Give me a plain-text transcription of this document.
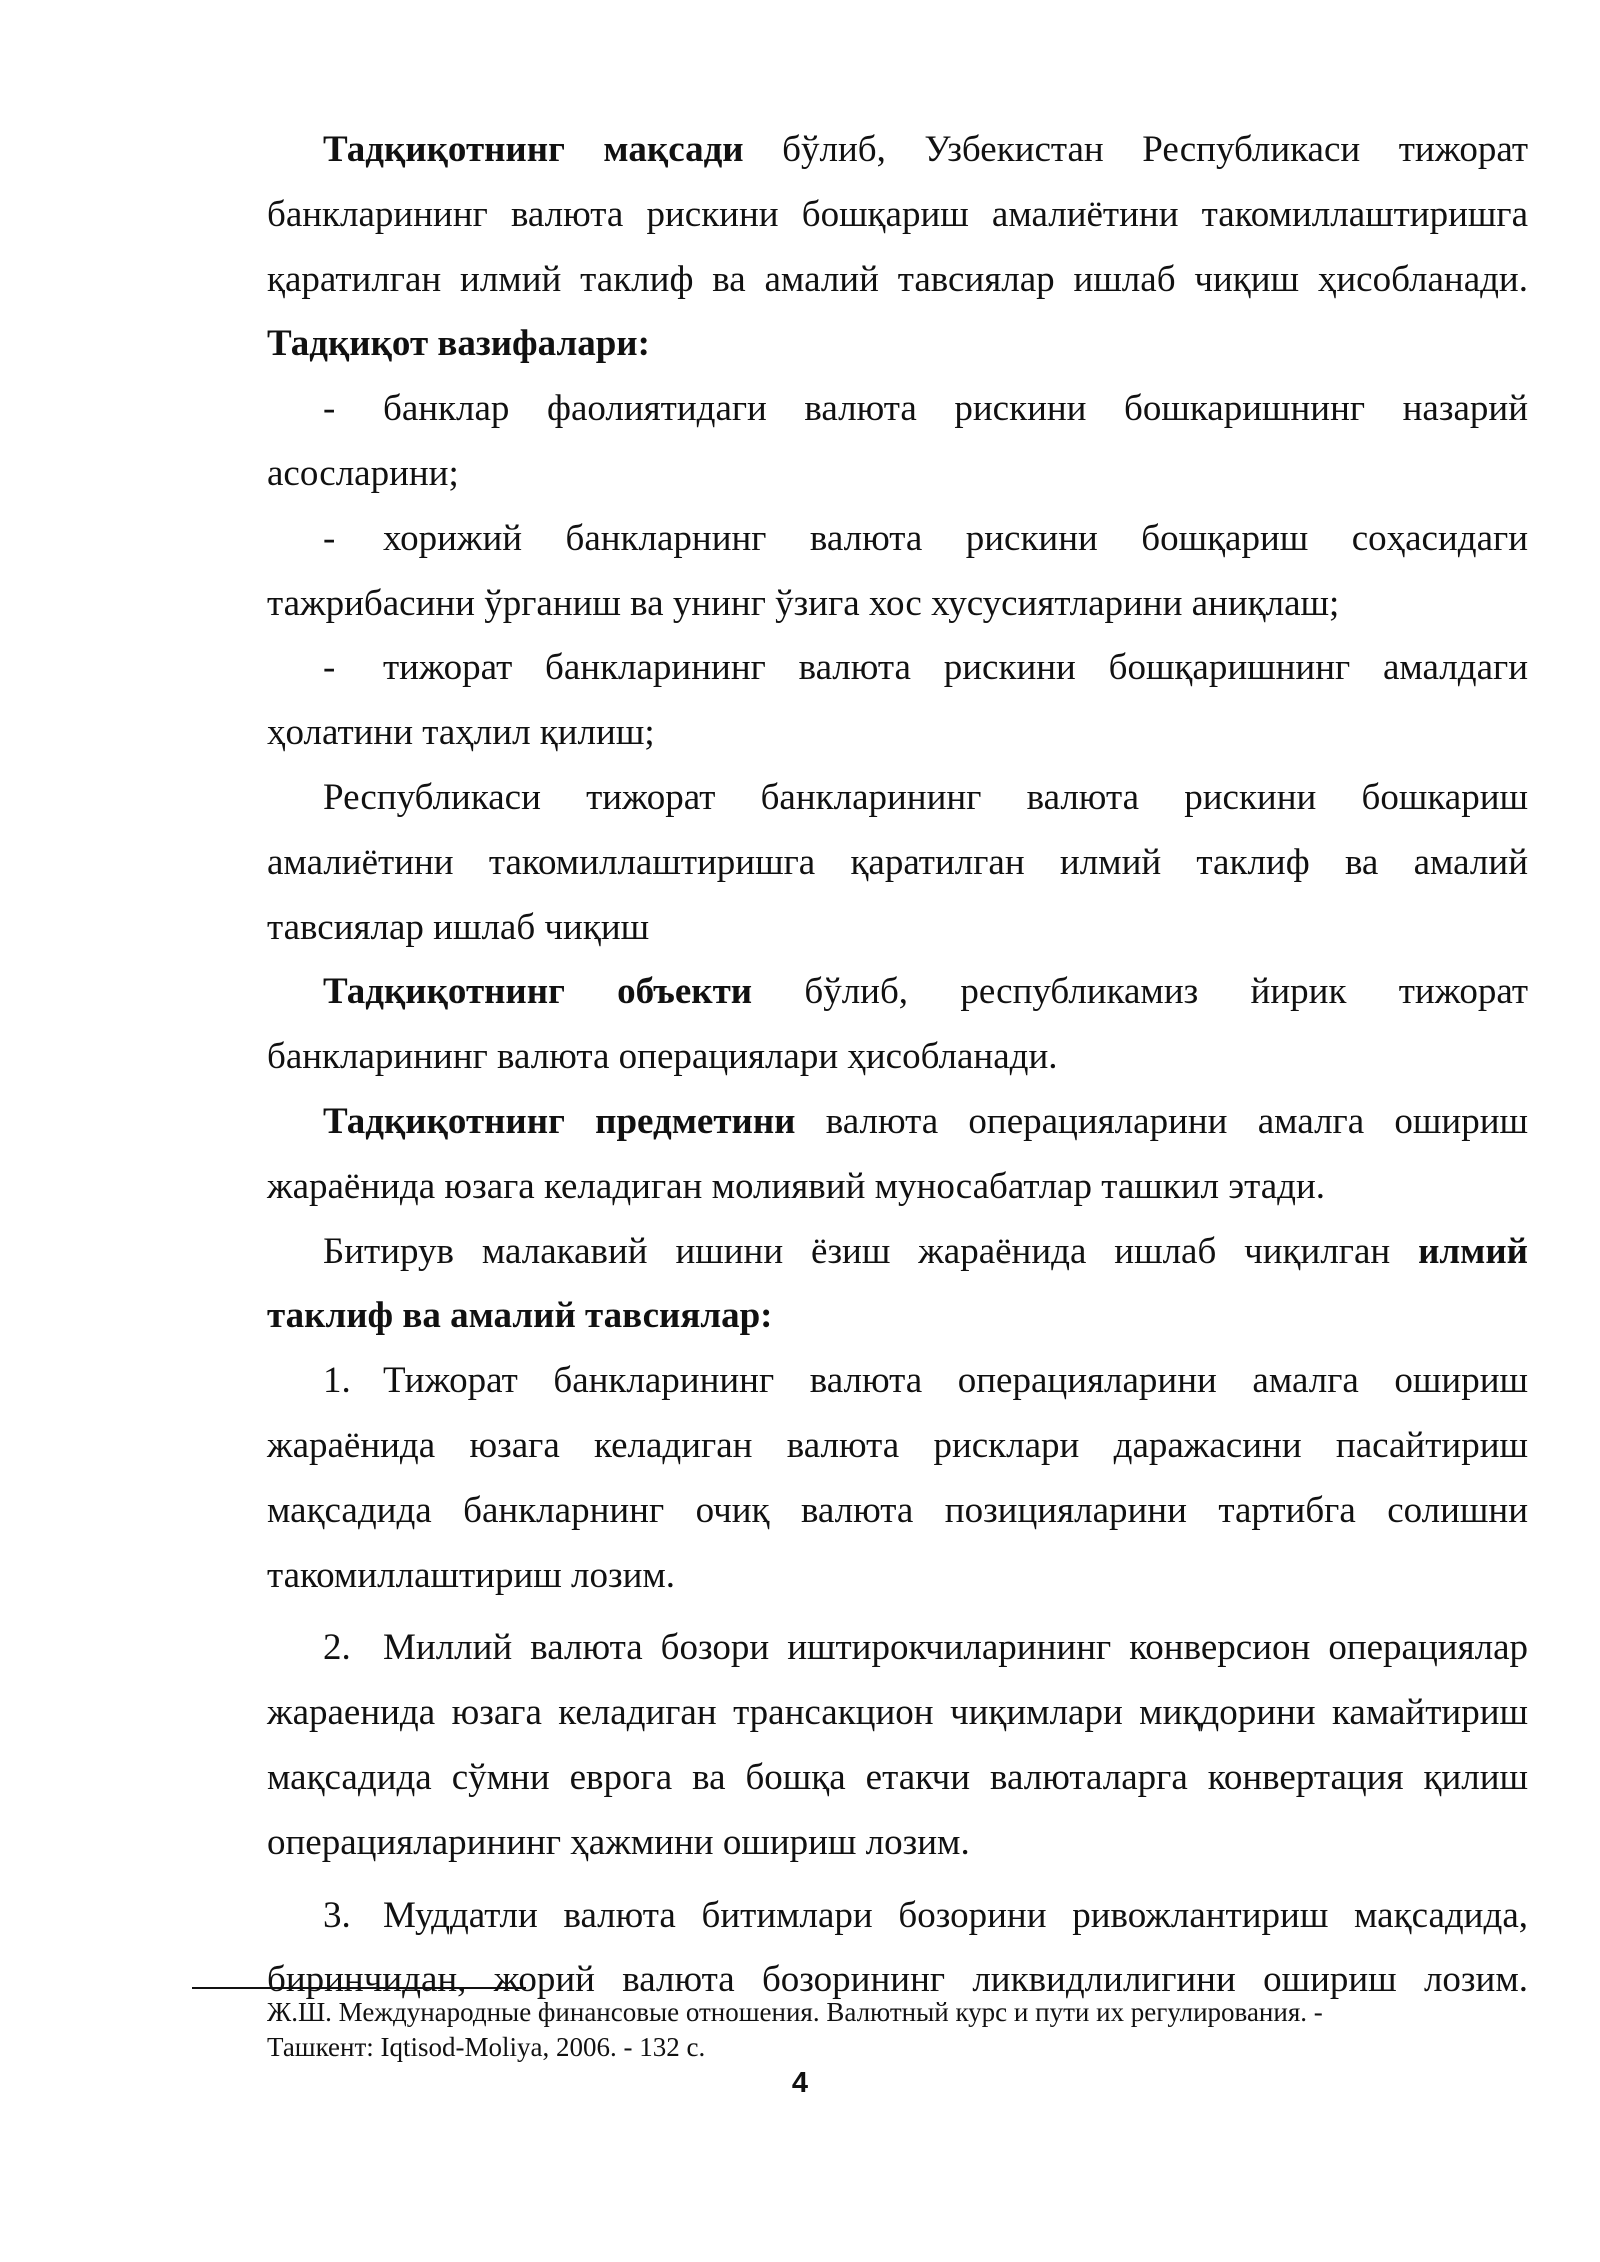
Тадқиқотнинг мақсади бўлиб, Узбекистан Республикаси тижорат банкларининг валюта рискини бошқариш амалиётини такомиллаштиришга қаратилган илмий таклиф ва амалий тавсиялар ишлаб чиқиш ҳисобланади. Тадқиқот вазифалари:

- банклар фаолиятидаги валюта рискини бошкаришнинг назарий асосларини;

- хорижий банкларнинг валюта рискини бошқариш соҳасидаги тажрибасини ўрганиш ва унинг ўзига хос хусусиятларини аниқлаш;

- тижорат банкларининг валюта рискини бошқаришнинг амалдаги ҳолатини таҳлил қилиш;

Республикаси тижорат банкларининг валюта рискини бошкариш амалиётини такомиллаштиришга қаратилган илмий таклиф ва амалий тавсиялар ишлаб чиқиш

Тадқиқотнинг объекти бўлиб, республикамиз йирик тижорат банкларининг валюта операциялари ҳисобланади.

Тадқиқотнинг предметини валюта операцияларини амалга ошириш жараёнида юзага келадиган молиявий муносабатлар ташкил этади.

Битирув малакавий ишини ёзиш жараёнида ишлаб чиқилган илмий таклиф ва амалий тавсиялар:

1. Тижорат банкларининг валюта операцияларини амалга ошириш жараёнида юзага келадиган валюта рисклари даражасини пасайтириш мақсадида банкларнинг очиқ валюта позицияларини тартибга солишни такомиллаштириш лозим.

2. Миллий валюта бозори иштирокчиларининг конверсион операциялар жараенида юзага келадиган трансакцион чиқимлари миқдорини камайтириш мақсадида сўмни еврога ва бошқа етакчи валюталарга конвертация қилиш операцияларининг ҳажмини ошириш лозим.

3. Муддатли валюта битимлари бозорини ривожлантириш мақсадида, биринчидан, жорий валюта бозорининг ликвидлилигини ошириш лозим.

Ж.Ш. Международные финансовые отношения. Валютный курс и пути их регулирования. -

Ташкент: Iqtisod-Moliya, 2006. - 132 с.

4
